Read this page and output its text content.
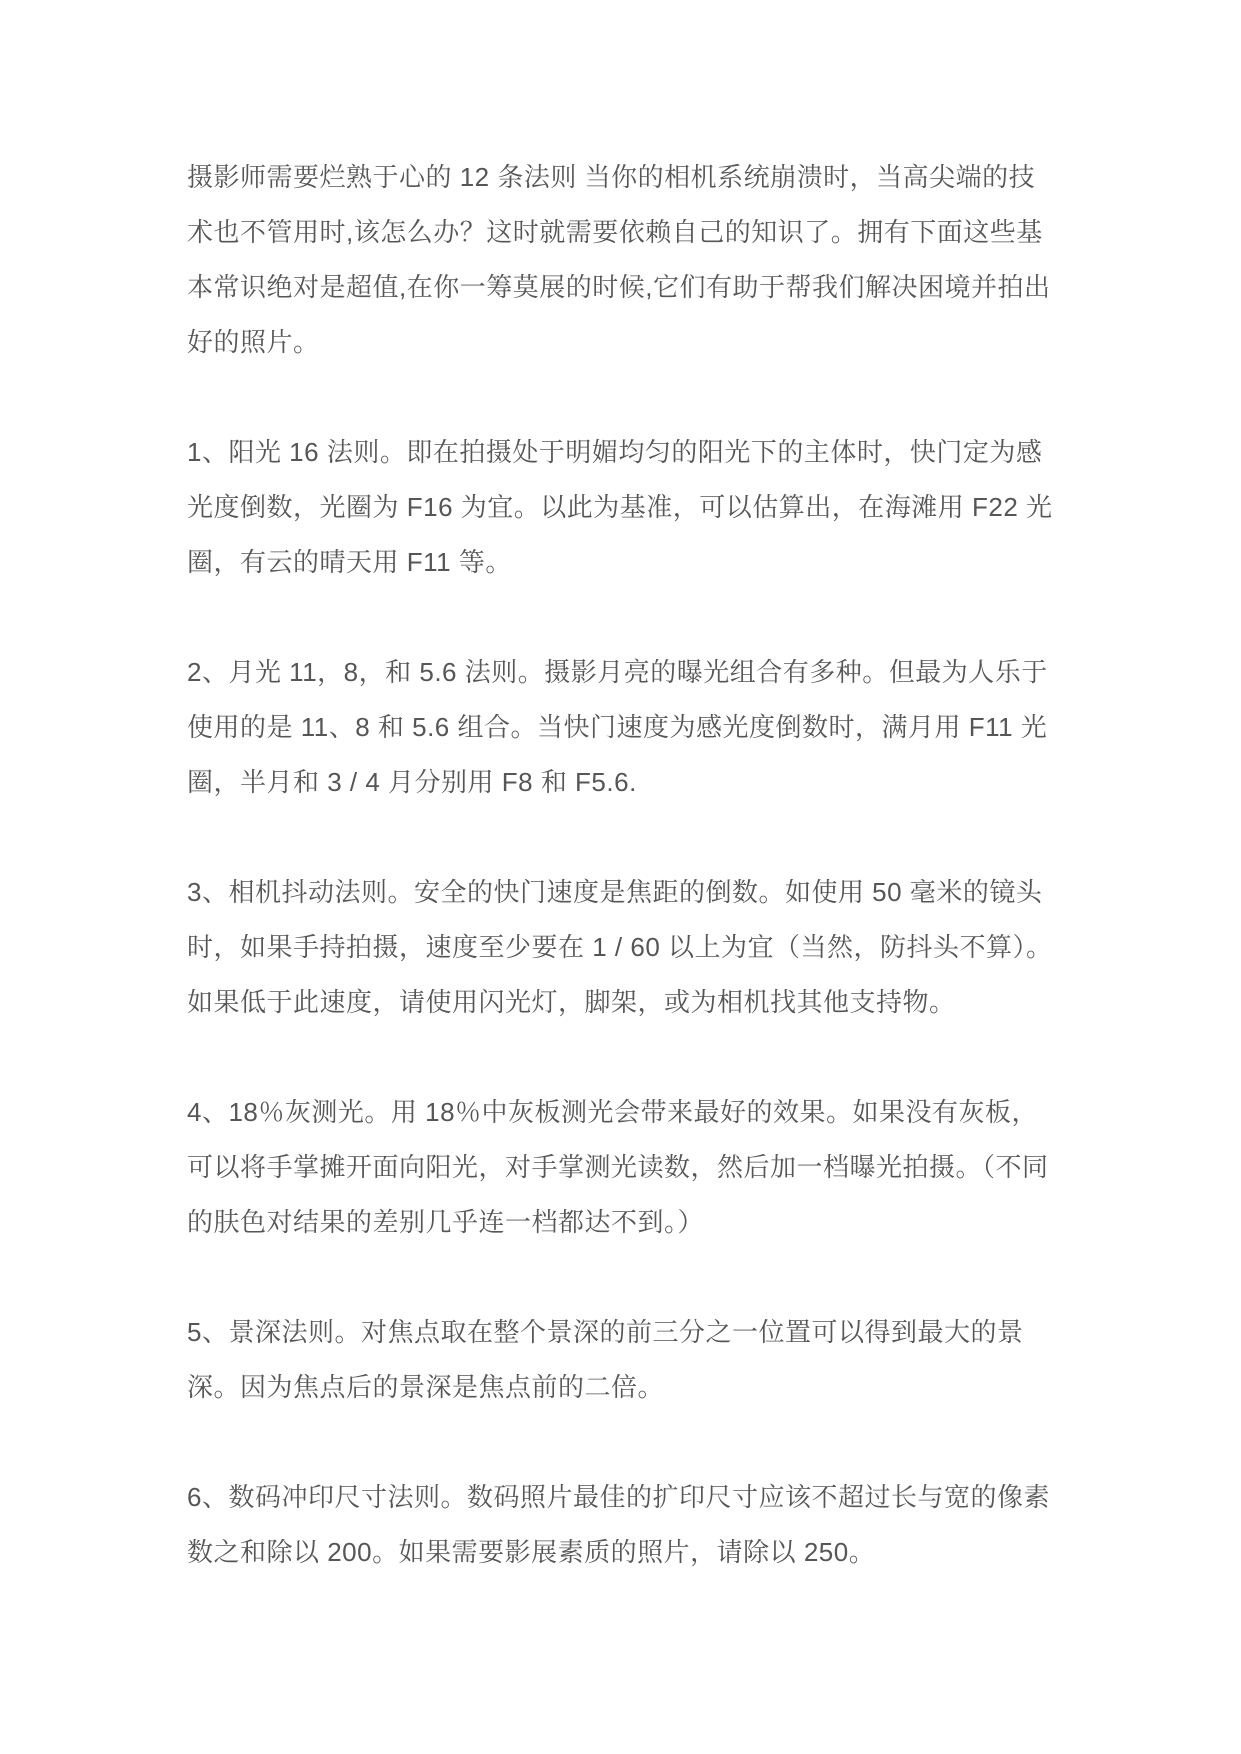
摄影师需要烂熟于心的 12 条法则 当你的相机系统崩溃时，当高尖端的技术也不管用时,该怎么办？这时就需要依赖自己的知识了。拥有下面这些基本常识绝对是超值,在你一筹莫展的时候,它们有助于帮我们解决困境并拍出好的照片。

1、阳光 16 法则。即在拍摄处于明媚均匀的阳光下的主体时，快门定为感光度倒数，光圈为 F16 为宜。以此为基准，可以估算出，在海滩用 F22 光圈，有云的晴天用 F11 等。

2、月光 11，8，和 5.6 法则。摄影月亮的曝光组合有多种。但最为人乐于使用的是 11、8 和 5.6 组合。当快门速度为感光度倒数时，满月用 F11 光圈，半月和 3 / 4 月分别用 F8 和 F5.6.

3、相机抖动法则。安全的快门速度是焦距的倒数。如使用 50 毫米的镜头时，如果手持拍摄，速度至少要在 1 / 60 以上为宜（当然，防抖头不算）。如果低于此速度，请使用闪光灯，脚架，或为相机找其他支持物。

4、18％灰测光。用 18％中灰板测光会带来最好的效果。如果没有灰板，可以将手掌摊开面向阳光，对手掌测光读数，然后加一档曝光拍摄。（不同的肤色对结果的差别几乎连一档都达不到。）

5、景深法则。对焦点取在整个景深的前三分之一位置可以得到最大的景深。因为焦点后的景深是焦点前的二倍。

6、数码冲印尺寸法则。数码照片最佳的扩印尺寸应该不超过长与宽的像素数之和除以 200。如果需要影展素质的照片，请除以 250。
